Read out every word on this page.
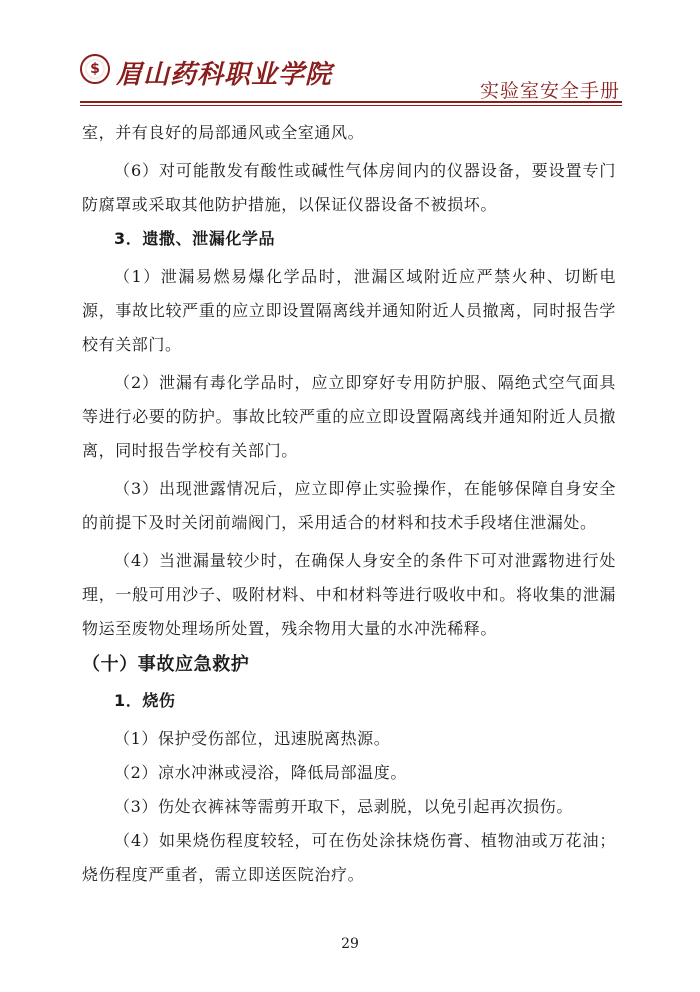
$ 眉山药科职业学院
实验室安全手册

室，并有良好的局部通风或全室通风。

（6）对可能散发有酸性或碱性气体房间内的仪器设备，要设置专门防腐罩或采取其他防护措施，以保证仪器设备不被损坏。

3．遗撒、泄漏化学品

（1）泄漏易燃易爆化学品时，泄漏区域附近应严禁火种、切断电源，事故比较严重的应立即设置隔离线并通知附近人员撤离，同时报告学校有关部门。

（2）泄漏有毒化学品时，应立即穿好专用防护服、隔绝式空气面具等进行必要的防护。事故比较严重的应立即设置隔离线并通知附近人员撤离，同时报告学校有关部门。

（3）出现泄露情况后，应立即停止实验操作，在能够保障自身安全的前提下及时关闭前端阀门，采用适合的材料和技术手段堵住泄漏处。

（4）当泄漏量较少时，在确保人身安全的条件下可对泄露物进行处理，一般可用沙子、吸附材料、中和材料等进行吸收中和。将收集的泄漏物运至废物处理场所处置，残余物用大量的水冲洗稀释。

（十）事故应急救护

1．烧伤

（1）保护受伤部位，迅速脱离热源。

（2）凉水冲淋或浸浴，降低局部温度。

（3）伤处衣裤袜等需剪开取下，忌剥脱，以免引起再次损伤。

（4）如果烧伤程度较轻，可在伤处涂抹烧伤膏、植物油或万花油；烧伤程度严重者，需立即送医院治疗。

29
